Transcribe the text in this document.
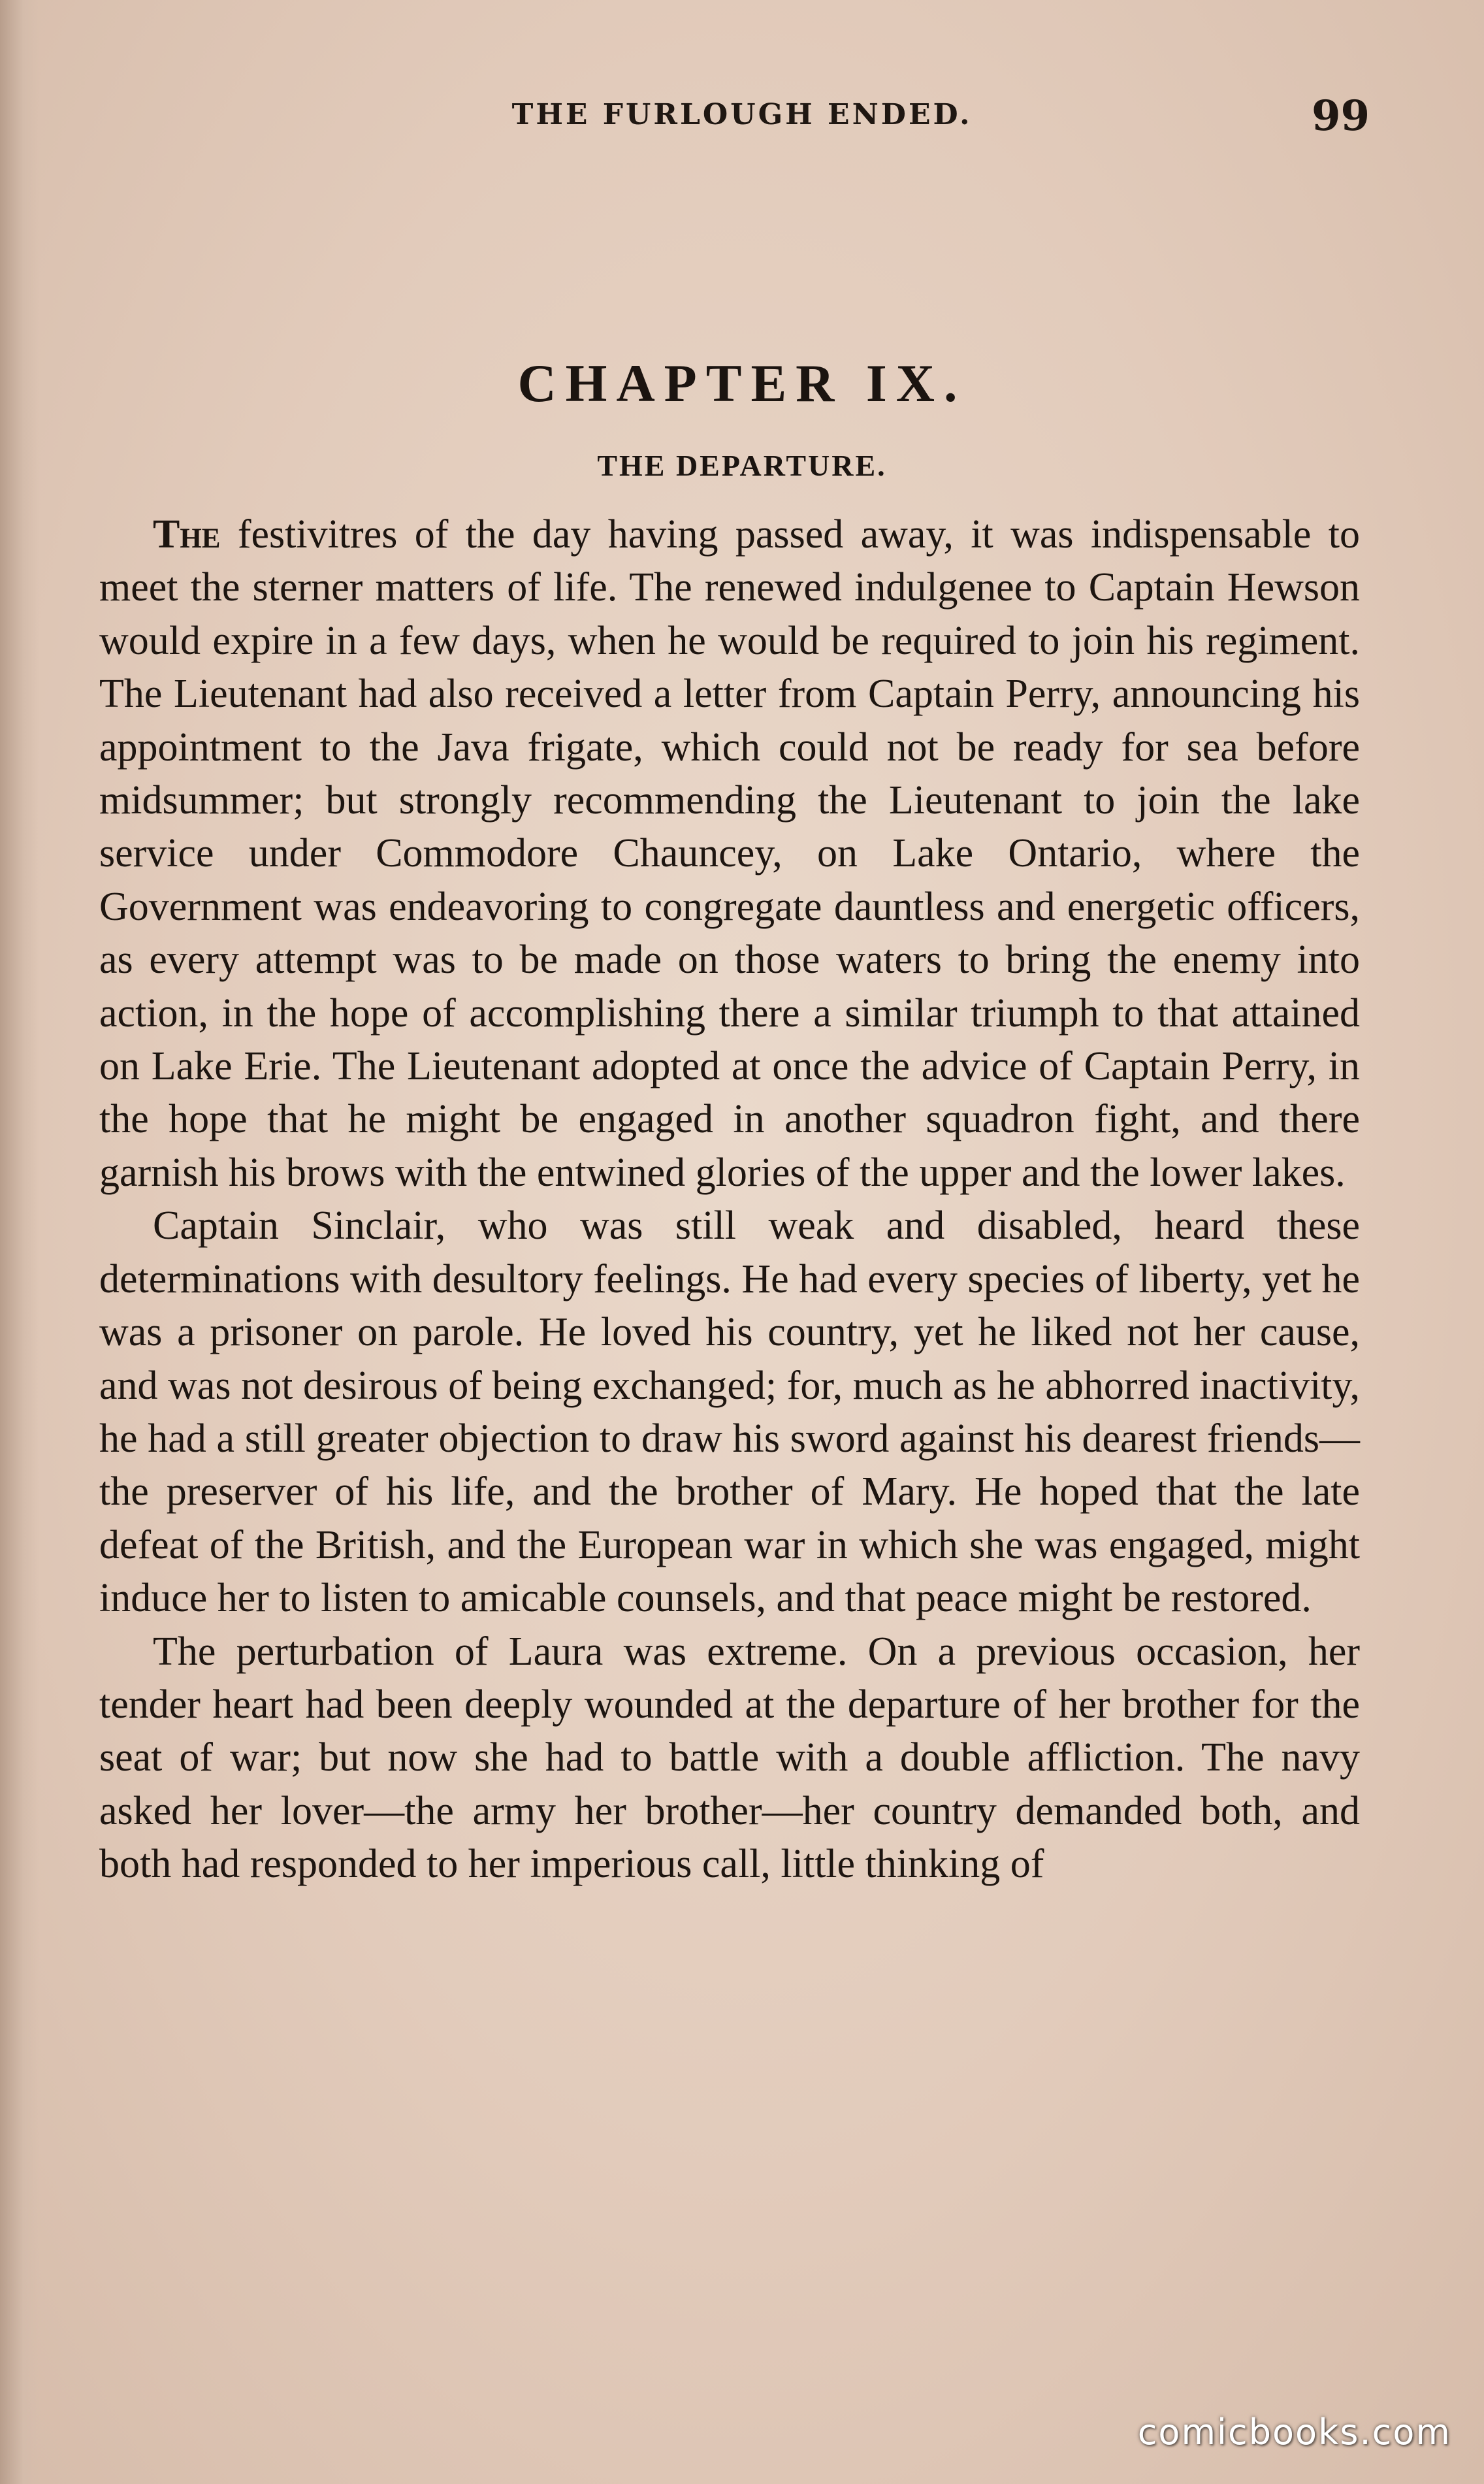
THE FURLOUGH ENDED.	99
CHAPTER IX.
THE DEPARTURE.

The festivitres of the day having passed away, it was indispensable to meet the sterner matters of life. The renewed indulgenee to Captain Hewson would expire in a few days, when he would be required to join his regiment. The Lieutenant had also received a letter from Captain Perry, announcing his appointment to the Java frigate, which could not be ready for sea before midsummer; but strongly recommending the Lieutenant to join the lake service under Commodore Chauncey, on Lake Ontario, where the Government was endeavoring to congregate dauntless and energetic officers, as every attempt was to be made on those waters to bring the enemy into action, in the hope of accomplishing there a similar triumph to that attained on Lake Erie. The Lieutenant adopted at once the advice of Captain Perry, in the hope that he might be engaged in another squadron fight, and there garnish his brows with the entwined glories of the upper and the lower lakes.

Captain Sinclair, who was still weak and disabled, heard these determinations with desultory feelings. He had every species of liberty, yet he was a prisoner on parole. He loved his country, yet he liked not her cause, and was not desirous of being exchanged; for, much as he abhorred inactivity, he had a still greater objection to draw his sword against his dearest friends—the preserver of his life, and the brother of Mary. He hoped that the late defeat of the British, and the European war in which she was engaged, might induce her to listen to amicable counsels, and that peace might be restored.

The perturbation of Laura was extreme. On a previous occasion, her tender heart had been deeply wounded at the departure of her brother for the seat of war; but now she had to battle with a double affliction. The navy asked her lover—the army her brother—her country demanded both, and both had responded to her imperious call, little thinking of

comicbooks.com
